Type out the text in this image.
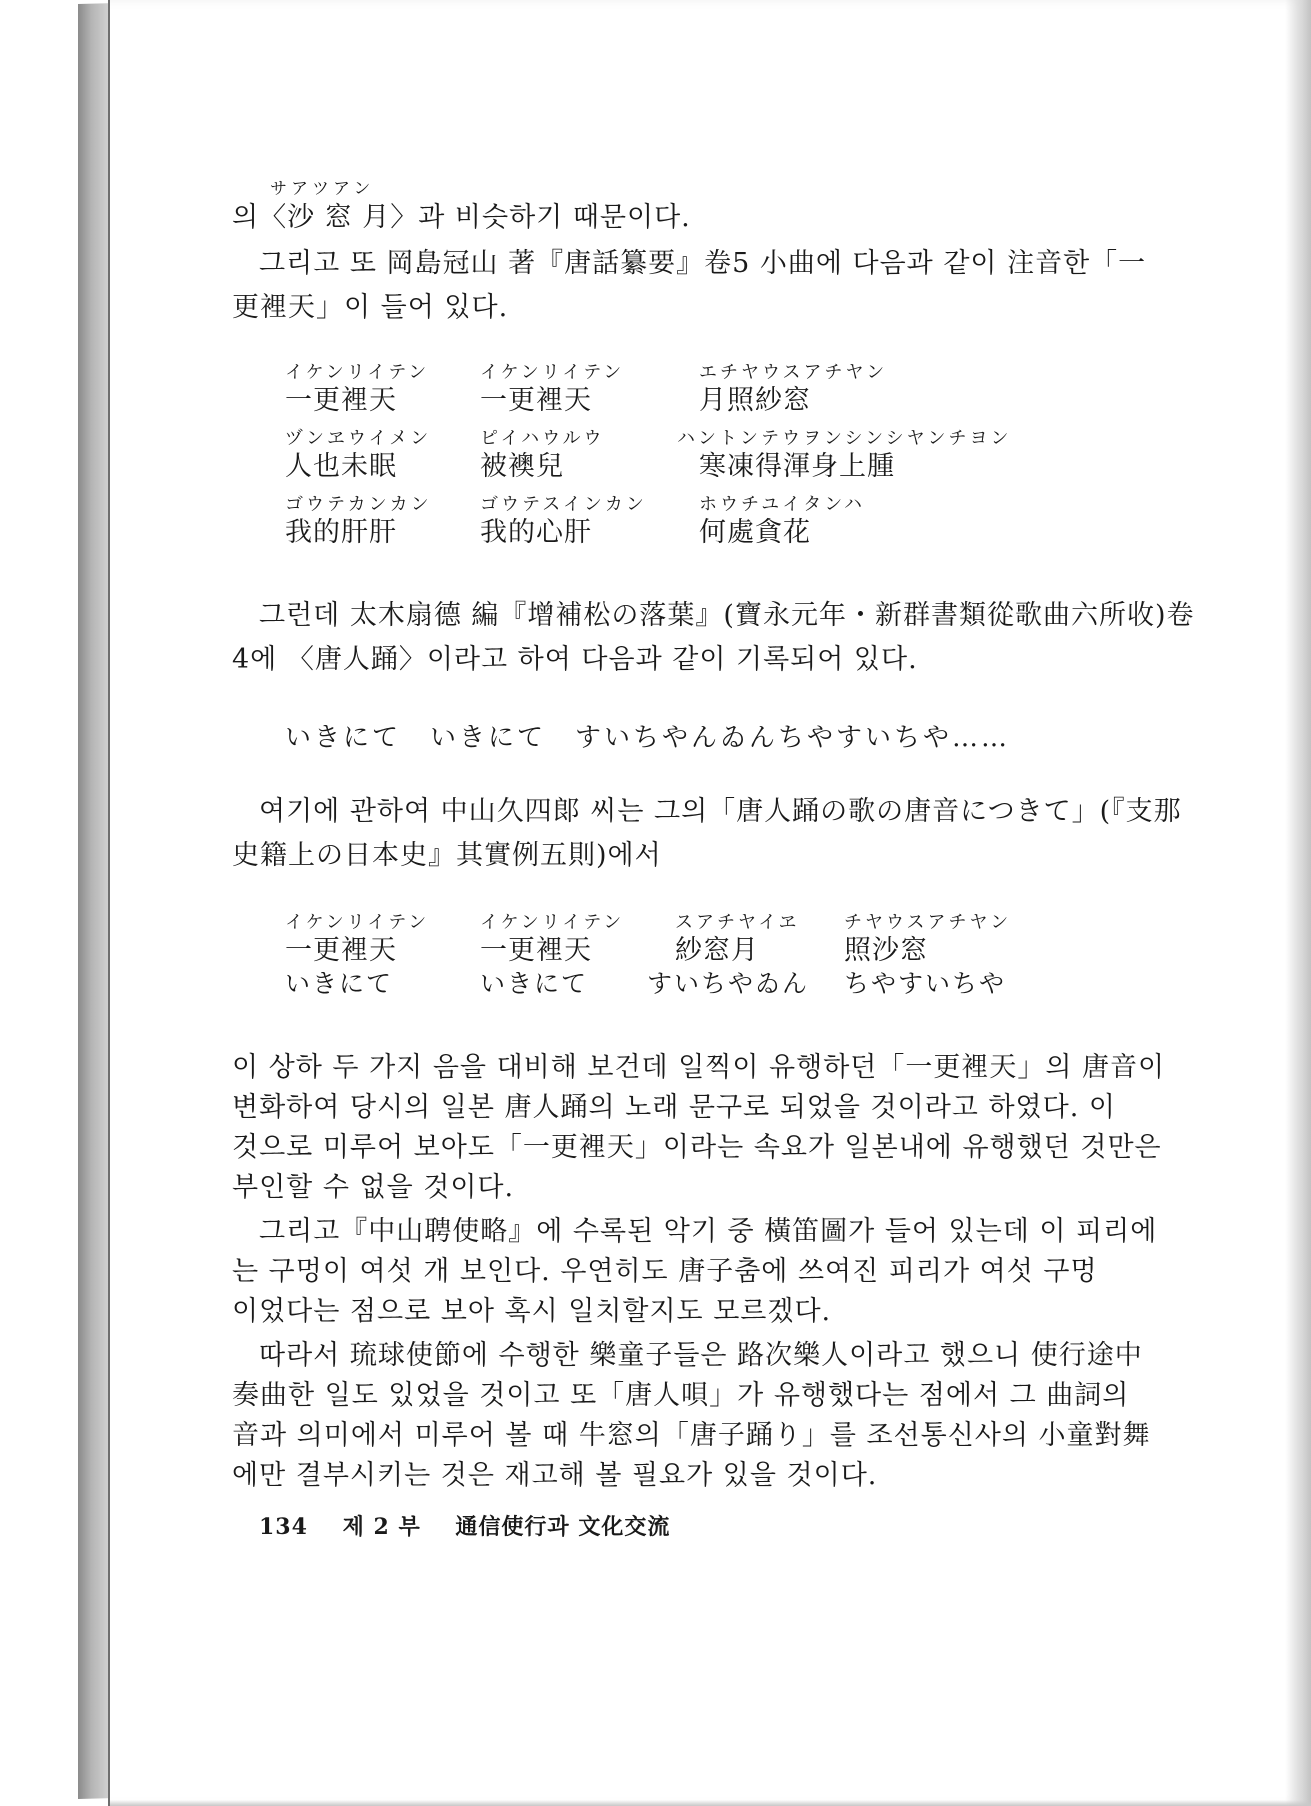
サアツアン
의〈沙 窓 月〉과 비슷하기 때문이다.
그리고 또 岡島冠山 著『唐話纂要』卷5 小曲에 다음과 같이 注音한「一
更裡天」이 들어 있다.
イケンリイテン
一更裡天
イケンリイテン
一更裡天
エチヤウスアチヤン
月照紗窓
ヅンヱウイメン
人也未眠
ピイハウルウ
被襖兒
ハントンテウヲンシンシヤンチヨン
寒凍得渾身上腫
ゴウテカンカン
我的肝肝
ゴウテスインカン
我的心肝
ホウチユイタンハ
何處貪花
그런데 太木扇德 編『增補松の落葉』(寶永元年・新群書類從歌曲六所收)卷
4에 〈唐人踊〉이라고 하여 다음과 같이 기록되어 있다.
いきにて　いきにて　すいちやんゐんちやすいちや……
여기에 관하여 中山久四郞 씨는 그의「唐人踊の歌の唐音につきて」(『支那
史籍上の日本史』其實例五則)에서
イケンリイテン
一更裡天
いきにて
イケンリイテン
一更裡天
いきにて
スアチヤイヱ
紗窓月
すいちやゐん
チヤウスアチヤン
照沙窓
ちやすいちや
이 상하 두 가지 음을 대비해 보건데 일찍이 유행하던「一更裡天」의 唐音이
변화하여 당시의 일본 唐人踊의 노래 문구로 되었을 것이라고 하였다. 이
것으로 미루어 보아도「一更裡天」이라는 속요가 일본내에 유행했던 것만은
부인할 수 없을 것이다.
그리고『中山聘使略』에 수록된 악기 중 橫笛圖가 들어 있는데 이 피리에
는 구멍이 여섯 개 보인다. 우연히도 唐子춤에 쓰여진 피리가 여섯 구멍
이었다는 점으로 보아 혹시 일치할지도 모르겠다.
따라서 琉球使節에 수행한 樂童子들은 路次樂人이라고 했으니 使行途中
奏曲한 일도 있었을 것이고 또「唐人唄」가 유행했다는 점에서 그 曲詞의
音과 의미에서 미루어 볼 때 牛窓의「唐子踊り」를 조선통신사의 小童對舞
에만 결부시키는 것은 재고해 볼 필요가 있을 것이다.
134 제 2 부 通信使行과 文化交流
